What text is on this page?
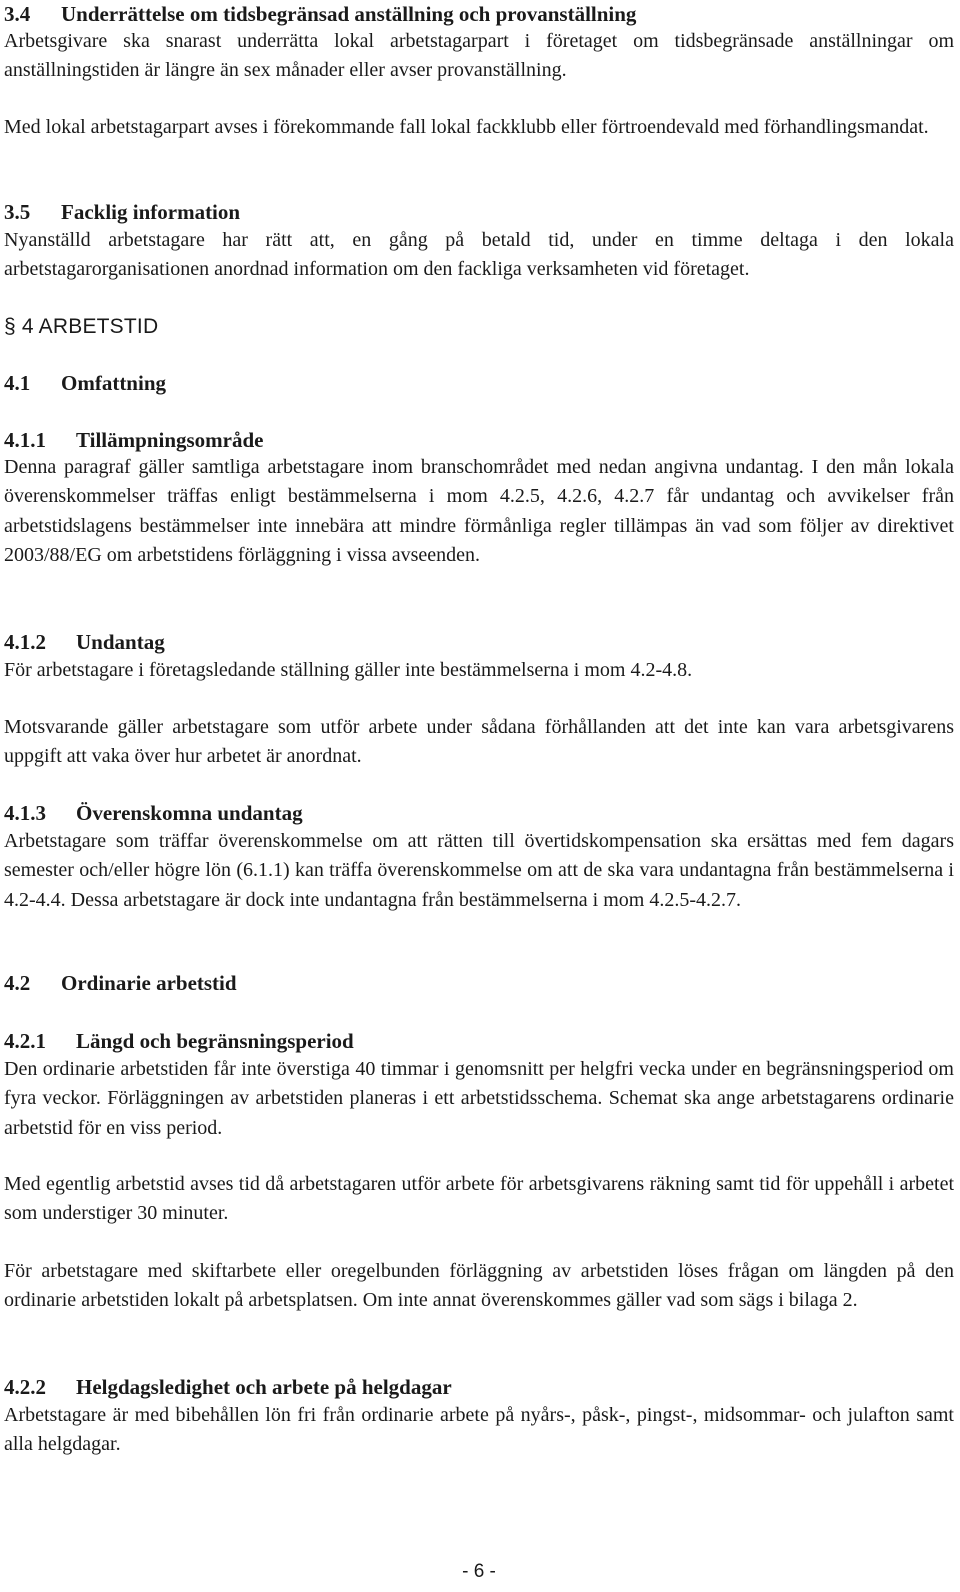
3.4 Underrättelse om tidsbegränsad anställning och provanställning
Arbetsgivare ska snarast underrätta lokal arbetstagarpart i företaget om tidsbegränsade anställningar om anställningstiden är längre än sex månader eller avser provanställning.
Med lokal arbetstagarpart avses i förekommande fall lokal fackklubb eller förtroendevald med förhandlingsmandat.
3.5 Facklig information
Nyanställd arbetstagare har rätt att, en gång på betald tid, under en timme deltaga i den lokala arbetstagarorganisationen anordnad information om den fackliga verksamheten vid företaget.
§ 4 ARBETSTID
4.1 Omfattning
4.1.1 Tillämpningsområde
Denna paragraf gäller samtliga arbetstagare inom branschområdet med nedan angivna undantag. I den mån lokala överenskommelser träffas enligt bestämmelserna i mom 4.2.5, 4.2.6, 4.2.7 får undantag och avvikelser från arbetstidslagens bestämmelser inte innebära att mindre förmånliga regler tillämpas än vad som följer av direktivet 2003/88/EG om arbetstidens förläggning i vissa avseenden.
4.1.2 Undantag
För arbetstagare i företagsledande ställning gäller inte bestämmelserna i mom 4.2-4.8.
Motsvarande gäller arbetstagare som utför arbete under sådana förhållanden att det inte kan vara arbetsgivarens uppgift att vaka över hur arbetet är anordnat.
4.1.3 Överenskomna undantag
Arbetstagare som träffar överenskommelse om att rätten till övertidskompensation ska ersättas med fem dagars semester och/eller högre lön (6.1.1) kan träffa överenskommelse om att de ska vara undantagna från bestämmelserna i 4.2-4.4. Dessa arbetstagare är dock inte undantagna från bestämmelserna i mom 4.2.5-4.2.7.
4.2 Ordinarie arbetstid
4.2.1 Längd och begränsningsperiod
Den ordinarie arbetstiden får inte överstiga 40 timmar i genomsnitt per helgfri vecka under en begränsningsperiod om fyra veckor. Förläggningen av arbetstiden planeras i ett arbetstidsschema. Schemat ska ange arbetstagarens ordinarie arbetstid för en viss period.
Med egentlig arbetstid avses tid då arbetstagaren utför arbete för arbetsgivarens räkning samt tid för uppehåll i arbetet som understiger 30 minuter.
För arbetstagare med skiftarbete eller oregelbunden förläggning av arbetstiden löses frågan om längden på den ordinarie arbetstiden lokalt på arbetsplatsen. Om inte annat överenskommes gäller vad som sägs i bilaga 2.
4.2.2 Helgdagsledighet och arbete på helgdagar
Arbetstagare är med bibehållen lön fri från ordinarie arbete på nyårs-, påsk-, pingst-, midsommar- och julafton samt alla helgdagar.
- 6 -
